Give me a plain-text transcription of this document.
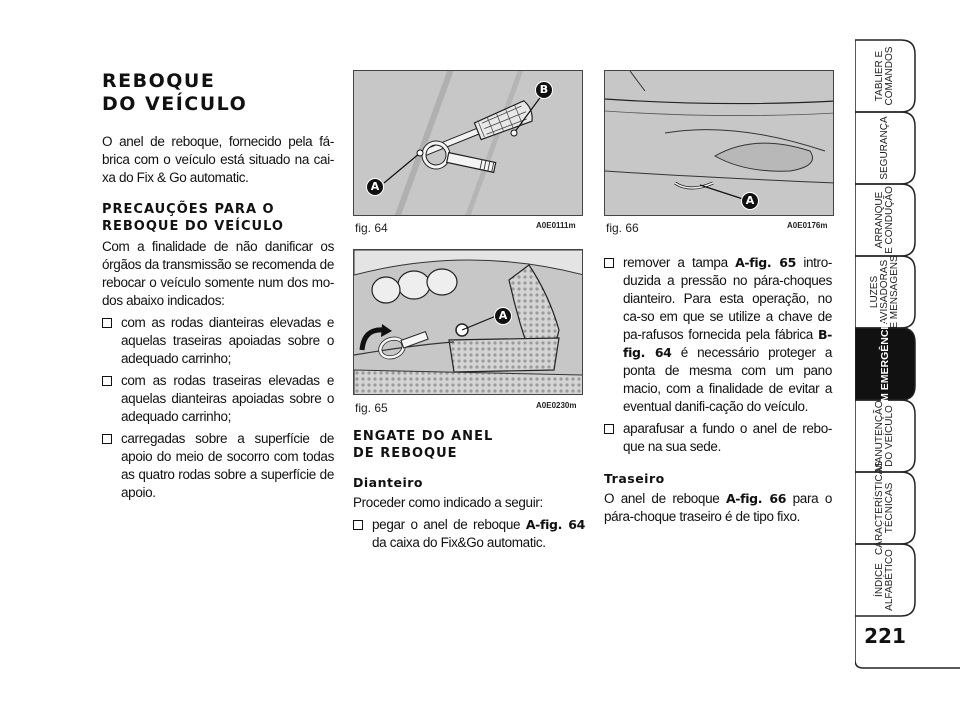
REBOQUE
DO VEÍCULO
O anel de reboque, fornecido pela fá-brica com o veículo está situado na cai-xa do Fix & Go automatic.
PRECAUÇÕES PARA O
REBOQUE DO VEÍCULO
Com a finalidade de não danificar os órgãos da transmissão se recomenda de rebocar o veículo somente num dos mo-dos abaixo indicados:
com as rodas dianteiras elevadas e aquelas traseiras apoiadas sobre o adequado carrinho;
com as rodas traseiras elevadas e aquelas dianteiras apoiadas sobre o adequado carrinho;
carregadas sobre a superfície de apoio do meio de socorro com todas as quatro rodas sobre a superfície de apoio.
B
A
fig. 64	A0E0111m
A
fig. 65	A0E0230m
A
fig. 66	A0E0176m
ENGATE DO ANEL
DE REBOQUE
Dianteiro
Proceder como indicado a seguir:
pegar o anel de reboque A-fig. 64 da caixa do Fix&Go automatic.
remover a tampa A-fig. 65 intro-duzida a pressão no pára-choques dianteiro. Para esta operação, no ca-so em que se utilize a chave de pa-rafusos fornecida pela fábrica B-fig. 64 é necessário proteger a ponta de mesma com um pano macio, com a finalidade de evitar a eventual danifi-cação do veículo.
aparafusar a fundo o anel de rebo-que na sua sede.
Traseiro
O anel de reboque A-fig. 66 para o pára-choque traseiro é de tipo fixo.
TABLIER E COMANDOS
SEGURANÇA
ARRANQUE E CONDUÇÃO
LUZES AVISADORAS E MENSAGENS
EM EMERGÊNCIA
MANUTENÇÃO DO VEÍCULO
CARACTERÍSTICAS TÉCNICAS
ÍNDICE ALFABÉTICO
221
